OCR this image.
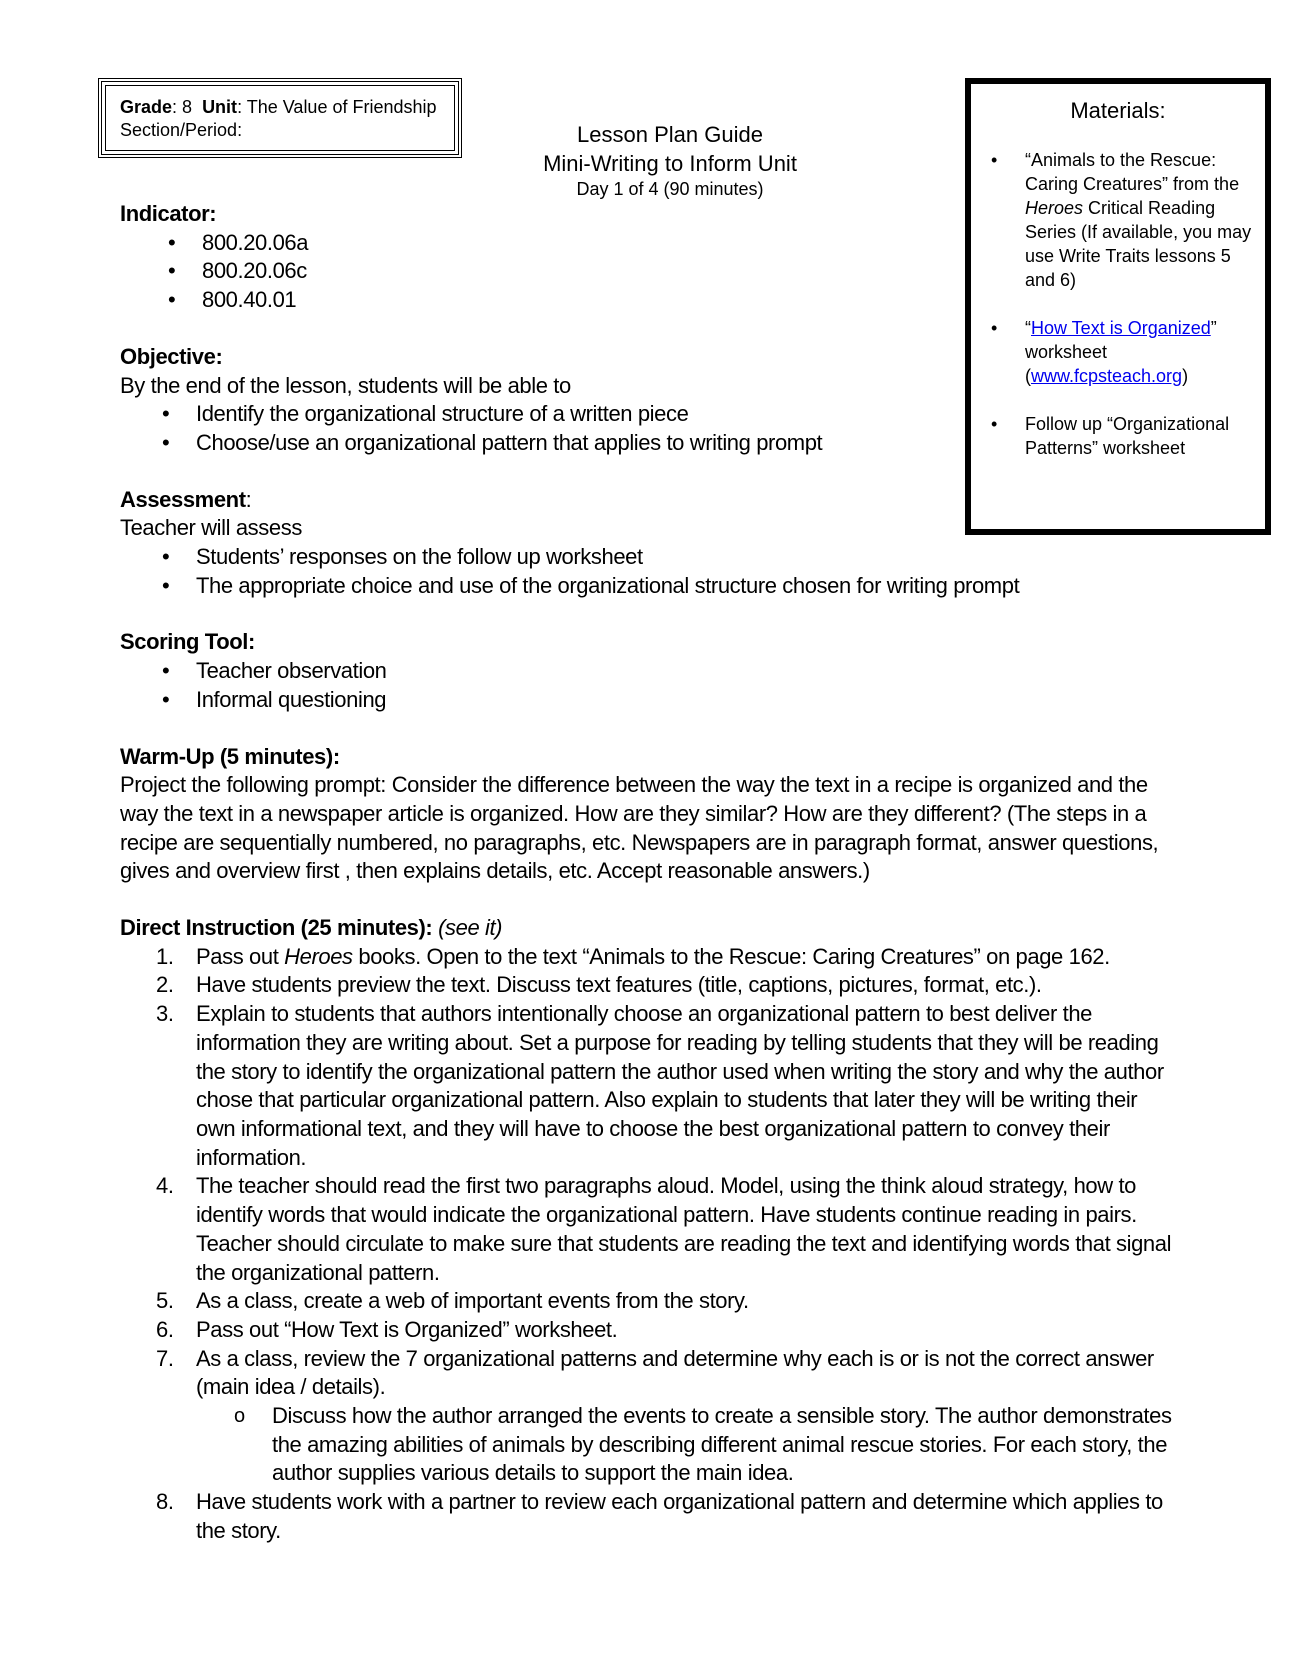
Grade: 8 Unit: The Value of Friendship
Section/Period:	Lesson Plan Guide
Mini-Writing to Inform Unit
Day 1 of 4 (90 minutes)
Materials:
• “Animals to the Rescue: Caring Creatures” from the Heroes Critical Reading Series (If available, you may use Write Traits lessons 5 and 6)
• “How Text is Organized” worksheet (www.fcpsteach.org)
• Follow up “Organizational Patterns” worksheet
Indicator:
• 800.20.06a
• 800.20.06c
• 800.40.01
Objective:
By the end of the lesson, students will be able to
• Identify the organizational structure of a written piece
• Choose/use an organizational pattern that applies to writing prompt
Assessment:
Teacher will assess
• Students’ responses on the follow up worksheet
• The appropriate choice and use of the organizational structure chosen for writing prompt
Scoring Tool:
• Teacher observation
• Informal questioning
Warm-Up (5 minutes):
Project the following prompt: Consider the difference between the way the text in a recipe is organized and the way the text in a newspaper article is organized. How are they similar? How are they different? (The steps in a recipe are sequentially numbered, no paragraphs, etc. Newspapers are in paragraph format, answer questions, gives and overview first , then explains details, etc. Accept reasonable answers.)
Direct Instruction (25 minutes): (see it)
1.	Pass out Heroes books. Open to the text “Animals to the Rescue: Caring Creatures” on page 162.
2.	Have students preview the text. Discuss text features (title, captions, pictures, format, etc.).
3.	Explain to students that authors intentionally choose an organizational pattern to best deliver the information they are writing about. Set a purpose for reading by telling students that they will be reading the story to identify the organizational pattern the author used when writing the story and why the author chose that particular organizational pattern. Also explain to students that later they will be writing their own informational text, and they will have to choose the best organizational pattern to convey their information.
4.	The teacher should read the first two paragraphs aloud. Model, using the think aloud strategy, how to identify words that would indicate the organizational pattern. Have students continue reading in pairs. Teacher should circulate to make sure that students are reading the text and identifying words that signal the organizational pattern.
5.	As a class, create a web of important events from the story.
6.	Pass out “How Text is Organized” worksheet.
7.	As a class, review the 7 organizational patterns and determine why each is or is not the correct answer (main idea / details).
o Discuss how the author arranged the events to create a sensible story. The author demonstrates the amazing abilities of animals by describing different animal rescue stories. For each story, the author supplies various details to support the main idea.
8.	Have students work with a partner to review each organizational pattern and determine which applies to the story.
